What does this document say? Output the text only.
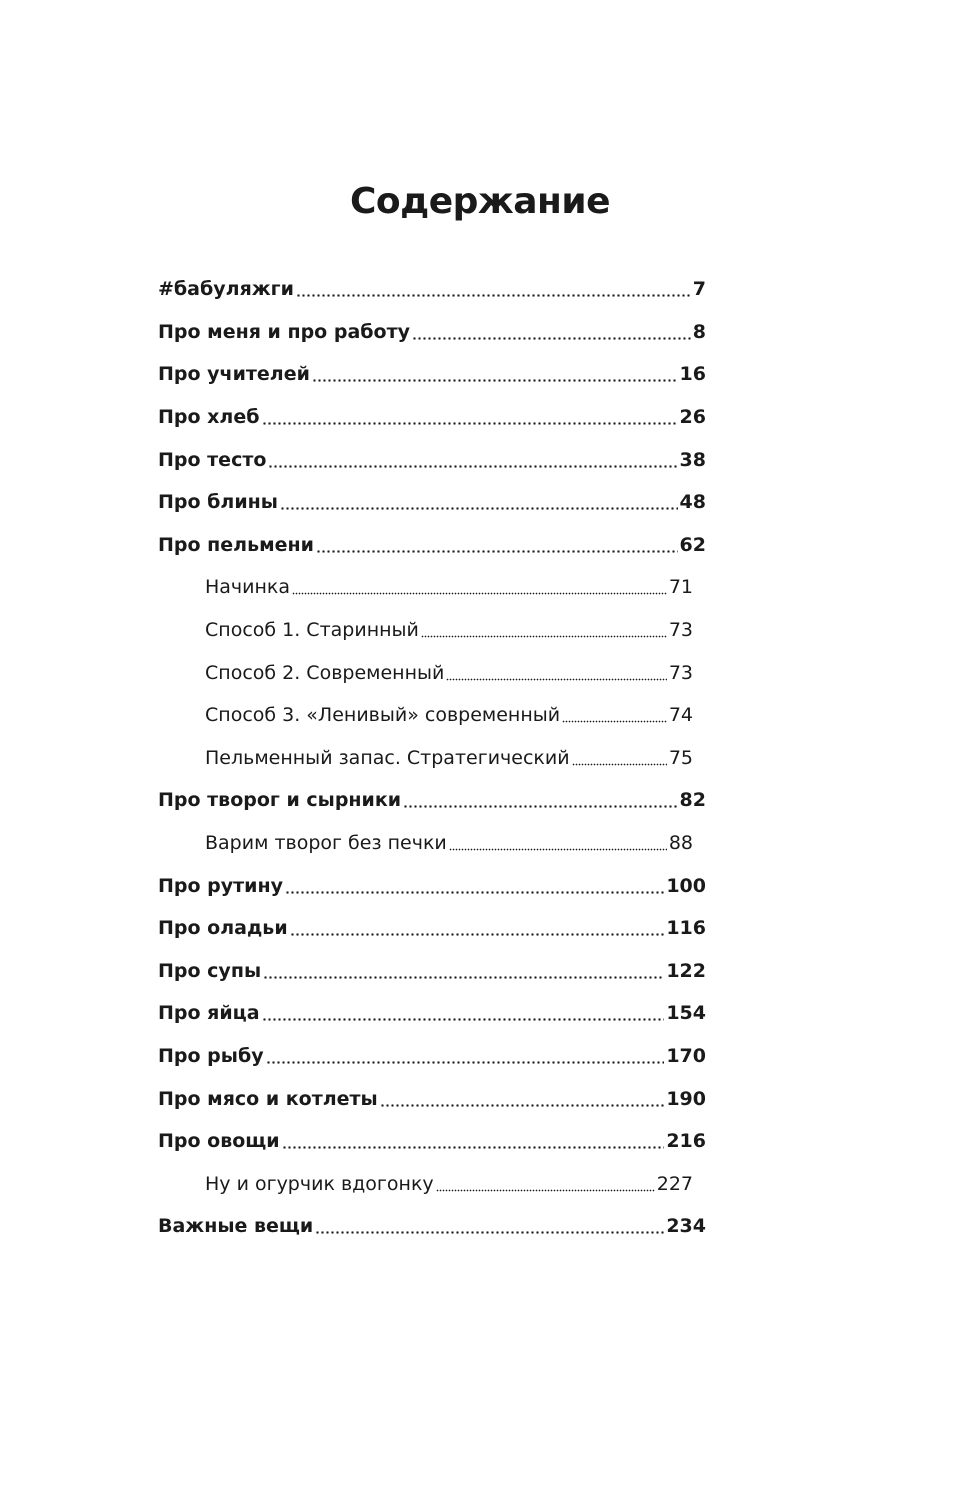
Содержание
#бабуляжги	7
Про меня и про работу	8
Про учителей	16
Про хлеб	26
Про тесто	38
Про блины	48
Про пельмени	62
Начинка	71
Способ 1. Старинный	73
Способ 2. Современный	73
Способ 3. «Ленивый» современный	74
Пельменный запас. Стратегический	75
Про творог и сырники	82
Варим творог без печки	88
Про рутину	100
Про оладьи	116
Про супы	122
Про яйца	154
Про рыбу	170
Про мясо и котлеты	190
Про овощи	216
Ну и огурчик вдогонку	227
Важные вещи	234
